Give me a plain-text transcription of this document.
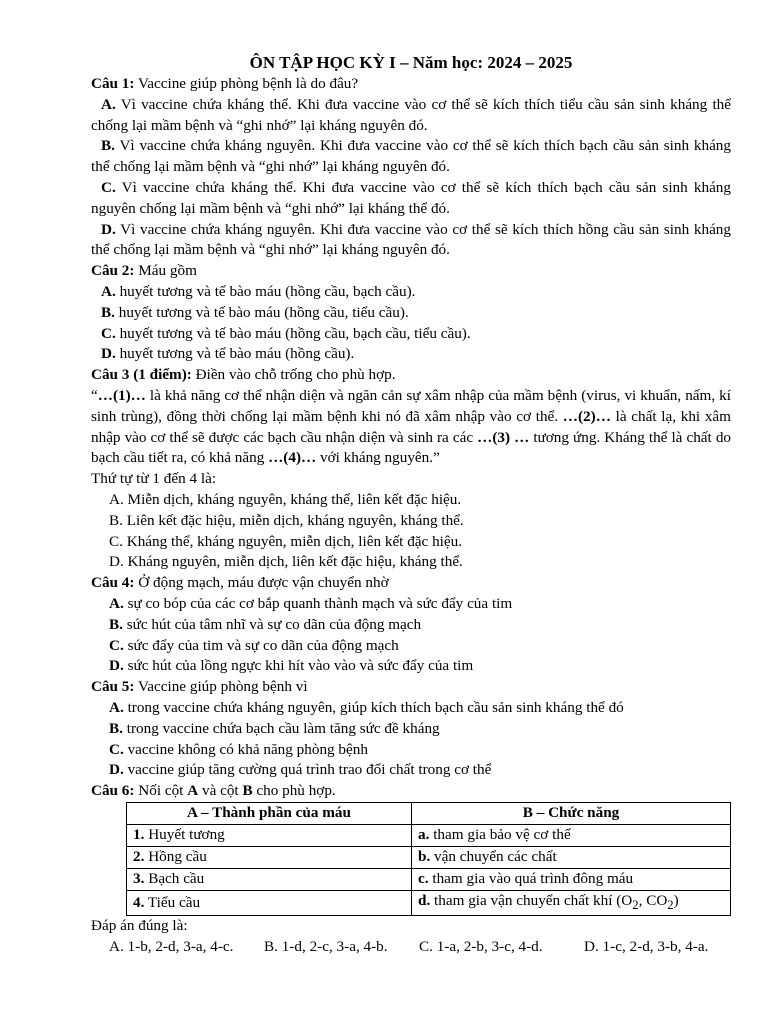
ÔN TẬP HỌC KỲ I – Năm học: 2024 – 2025

Câu 1: Vaccine giúp phòng bệnh là do đâu?

A. Vì vaccine chứa kháng thể. Khi đưa vaccine vào cơ thể sẽ kích thích tiểu cầu sản sinh kháng thể chống lại mầm bệnh và “ghi nhớ” lại kháng nguyên đó.

B. Vì vaccine chứa kháng nguyên. Khi đưa vaccine vào cơ thể sẽ kích thích bạch cầu sản sinh kháng thể chống lại mầm bệnh và “ghi nhớ” lại kháng nguyên đó.

C. Vì vaccine chứa kháng thể. Khi đưa vaccine vào cơ thể sẽ kích thích bạch cầu sản sinh kháng nguyên chống lại mầm bệnh và “ghi nhớ” lại kháng thể đó.

D. Vì vaccine chứa kháng nguyên. Khi đưa vaccine vào cơ thể sẽ kích thích hồng cầu sản sinh kháng thể chống lại mầm bệnh và “ghi nhớ” lại kháng nguyên đó.

Câu 2: Máu gồm

A. huyết tương và tế bào máu (hồng cầu, bạch cầu).

B. huyết tương và tế bào máu (hồng cầu, tiểu cầu).

C. huyết tương và tế bào máu (hồng cầu, bạch cầu, tiểu cầu).

D. huyết tương và tế bào máu (hồng cầu).

Câu 3 (1 điểm): Điền vào chỗ trống cho phù hợp.

“…(1)… là khả năng cơ thể nhận diện và ngăn cản sự xâm nhập của mầm bệnh (virus, vi khuẩn, nấm, kí sinh trùng), đồng thời chống lại mầm bệnh khi nó đã xâm nhập vào cơ thể. …(2)… là chất lạ, khi xâm nhập vào cơ thể sẽ được các bạch cầu nhận diện và sinh ra các …(3) … tương ứng. Kháng thể là chất do bạch cầu tiết ra, có khả năng …(4)… với kháng nguyên.”

Thứ tự từ 1 đến 4 là:

A. Miễn dịch, kháng nguyên, kháng thể, liên kết đặc hiệu.

B. Liên kết đặc hiệu, miễn dịch, kháng nguyên, kháng thể.

C. Kháng thể, kháng nguyên, miễn dịch, liên kết đặc hiệu.

D. Kháng nguyên, miễn dịch, liên kết đặc hiệu, kháng thể.

Câu 4: Ở động mạch, máu được vận chuyển nhờ

A. sự co bóp của các cơ bắp quanh thành mạch và sức đẩy của tim

B. sức hút của tâm nhĩ và sự co dãn của động mạch

C. sức đẩy của tim và sự co dãn của động mạch

D. sức hút của lồng ngực khi hít vào vào và sức đẩy của tim

Câu 5: Vaccine giúp phòng bệnh vì

A. trong vaccine chứa kháng nguyên, giúp kích thích bạch cầu sản sinh kháng thể đó

B. trong vaccine chứa bạch cầu làm tăng sức đề kháng

C. vaccine không có khả năng phòng bệnh

D. vaccine giúp tăng cường quá trình trao đổi chất trong cơ thể

Câu 6: Nối cột A và cột B cho phù hợp.

A – Thành phần của máu	B – Chức năng
1. Huyết tương	a. tham gia bảo vệ cơ thể
2. Hồng cầu	b. vận chuyển các chất
3. Bạch cầu	c. tham gia vào quá trình đông máu
4. Tiểu cầu	d. tham gia vận chuyển chất khí ($O_2$, $CO_2$)

Đáp án đúng là:

A. 1-b, 2-d, 3-a, 4-c.	B. 1-d, 2-c, 3-a, 4-b.	C. 1-a, 2-b, 3-c, 4-d.	D. 1-c, 2-d, 3-b, 4-a.
